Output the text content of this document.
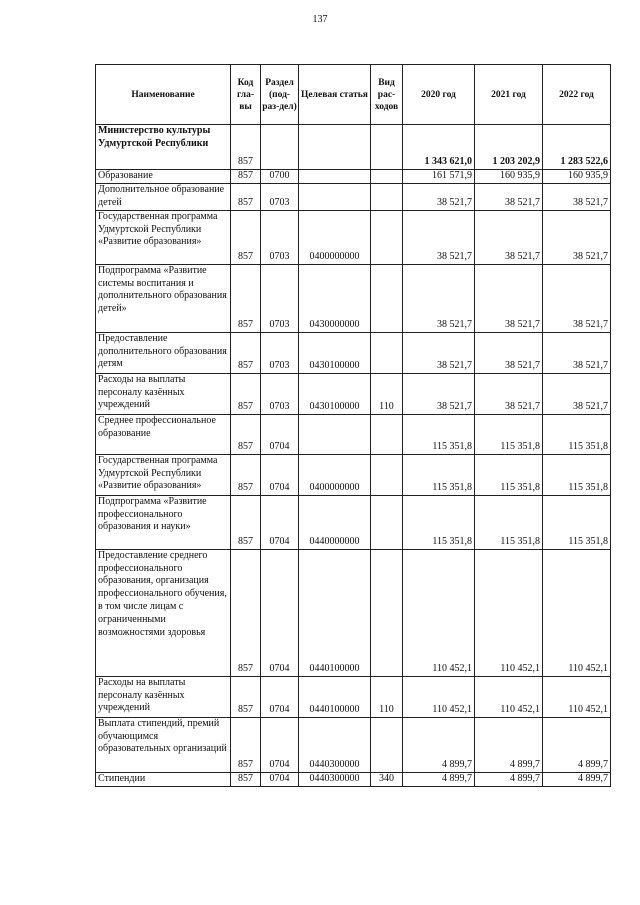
137
Наименование	Код гла-вы	Раздел (под-раз-дел)	Целевая статья	Вид рас-ходов	2020 год	2021 год	2022 год
Министерство культуры Удмуртской Республики	857				1 343 621,0	1 203 202,9	1 283 522,6
Образование	857	0700			161 571,9	160 935,9	160 935,9
Дополнительное образование детей	857	0703			38 521,7	38 521,7	38 521,7
Государственная программа Удмуртской Республики «Развитие образования»	857	0703	0400000000		38 521,7	38 521,7	38 521,7
Подпрограмма «Развитие системы воспитания и дополнительного образования детей»	857	0703	0430000000		38 521,7	38 521,7	38 521,7
Предоставление дополнительного образования детям	857	0703	0430100000		38 521,7	38 521,7	38 521,7
Расходы на выплаты персоналу казённых учреждений	857	0703	0430100000	110	38 521,7	38 521,7	38 521,7
Среднее профессиональное образование	857	0704			115 351,8	115 351,8	115 351,8
Государственная программа Удмуртской Республики «Развитие образования»	857	0704	0400000000		115 351,8	115 351,8	115 351,8
Подпрограмма «Развитие профессионального образования и науки»	857	0704	0440000000		115 351,8	115 351,8	115 351,8
Предоставление среднего профессионального образования, организация профессионального обучения, в том числе лицам с ограниченными возможностями здоровья	857	0704	0440100000		110 452,1	110 452,1	110 452,1
Расходы на выплаты персоналу казённых учреждений	857	0704	0440100000	110	110 452,1	110 452,1	110 452,1
Выплата стипендий, премий обучающимся образовательных организаций	857	0704	0440300000		4 899,7	4 899,7	4 899,7
Стипендии	857	0704	0440300000	340	4 899,7	4 899,7	4 899,7
